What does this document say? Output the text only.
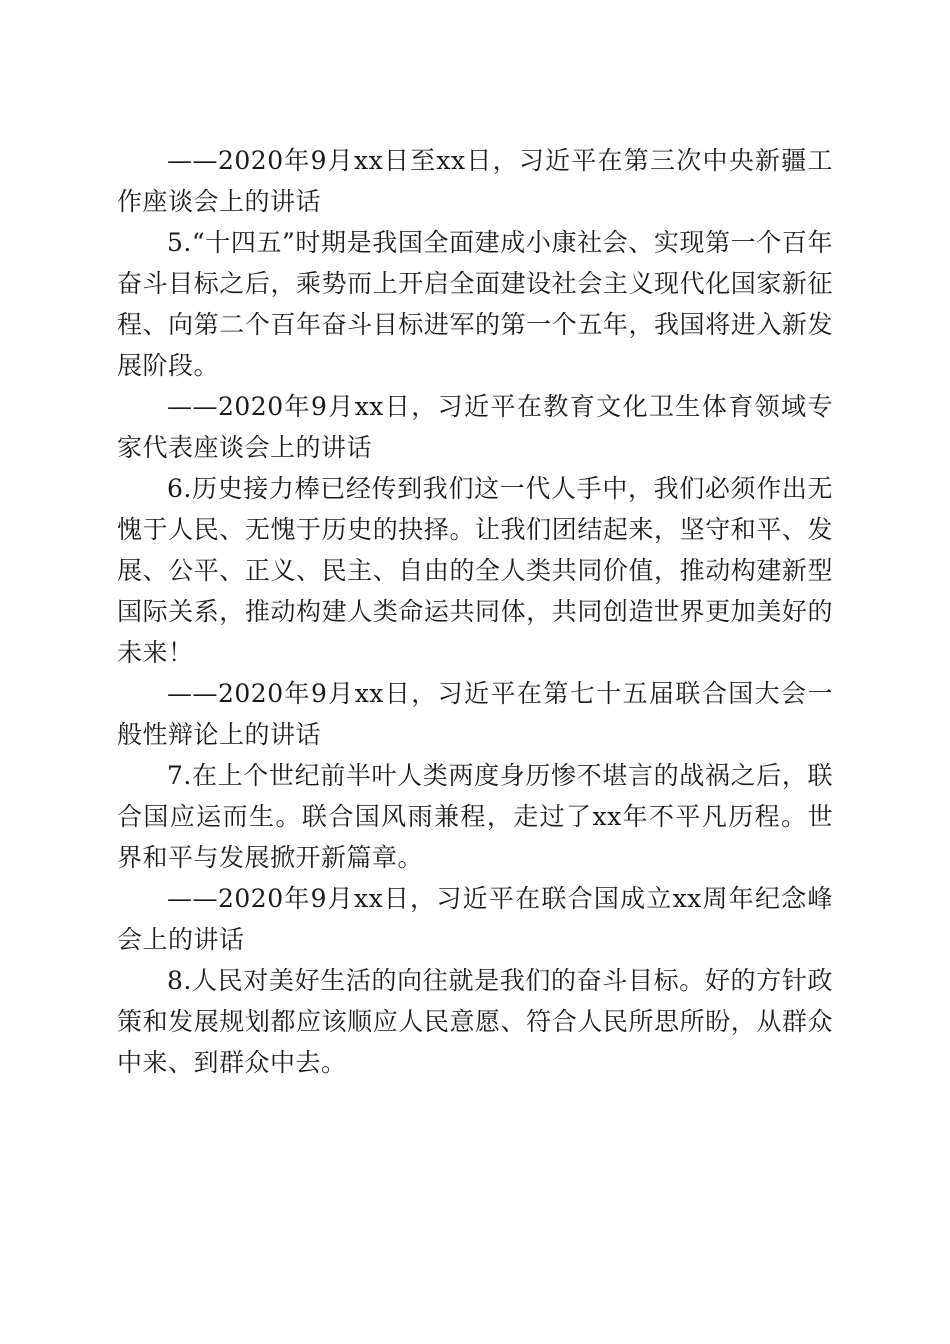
——2020年9月xx日至xx日，习近平在第三次中央新疆工作座谈会上的讲话

5.“十四五”时期是我国全面建成小康社会、实现第一个百年奋斗目标之后，乘势而上开启全面建设社会主义现代化国家新征程、向第二个百年奋斗目标进军的第一个五年，我国将进入新发展阶段。

——2020年9月xx日，习近平在教育文化卫生体育领域专家代表座谈会上的讲话

6.历史接力棒已经传到我们这一代人手中，我们必须作出无愧于人民、无愧于历史的抉择。让我们团结起来，坚守和平、发展、公平、正义、民主、自由的全人类共同价值，推动构建新型国际关系，推动构建人类命运共同体，共同创造世界更加美好的未来！

——2020年9月xx日，习近平在第七十五届联合国大会一般性辩论上的讲话

7.在上个世纪前半叶人类两度身历惨不堪言的战祸之后，联合国应运而生。联合国风雨兼程，走过了xx年不平凡历程。世界和平与发展掀开新篇章。

——2020年9月xx日，习近平在联合国成立xx周年纪念峰会上的讲话

8.人民对美好生活的向往就是我们的奋斗目标。好的方针政策和发展规划都应该顺应人民意愿、符合人民所思所盼，从群众中来、到群众中去。
